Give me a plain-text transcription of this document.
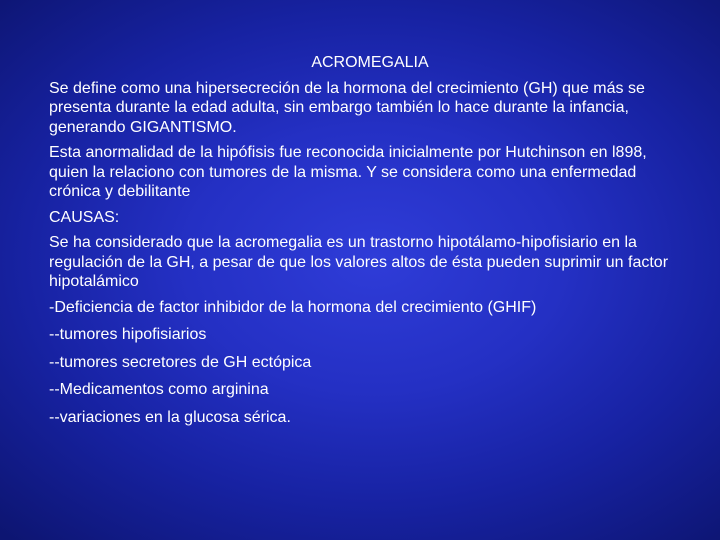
ACROMEGALIA
Se define como una hipersecreción de la hormona del crecimiento (GH) que más se presenta durante la edad adulta, sin embargo también lo hace durante la infancia, generando GIGANTISMO.
Esta anormalidad de la hipófisis fue reconocida inicialmente por Hutchinson en l898, quien la relaciono con tumores de la misma. Y se considera como una enfermedad crónica y debilitante
CAUSAS:
Se ha considerado que la acromegalia es un trastorno hipotálamo-hipofisiario en la regulación de la GH, a pesar de que los valores altos de ésta pueden suprimir un factor hipotalámico
-Deficiencia de factor inhibidor de la hormona del crecimiento (GHIF)
--tumores hipofisiarios
--tumores secretores de GH ectópica
--Medicamentos como arginina
--variaciones en la glucosa sérica.
